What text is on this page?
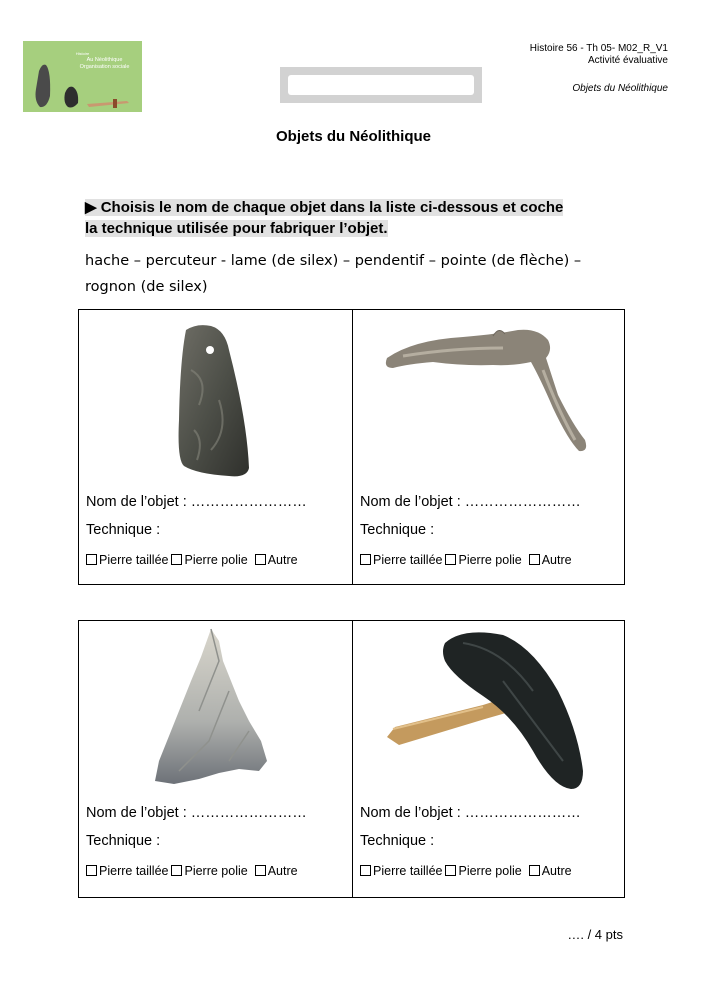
Histoire
Au Néolithique
Organisation sociale
Histoire 56 - Th 05- M02_R_V1
Activité évaluative
Objets du Néolithique
Objets du Néolithique
▶ Choisis le nom de chaque objet dans la liste ci-dessous et coche
la technique utilisée pour fabriquer l’objet.
hache – percuteur - lame (de silex) – pendentif – pointe (de flèche) –
rognon (de silex)
Nom de l’objet : ……………………
Technique :
Pierre taillée Pierre polie Autre
Nom de l’objet : ……………………
Technique :
Pierre taillée Pierre polie Autre
Nom de l’objet : ……………………
Technique :
Pierre taillée Pierre polie Autre
Nom de l’objet : ……………………
Technique :
Pierre taillée Pierre polie Autre
…. / 4 pts
